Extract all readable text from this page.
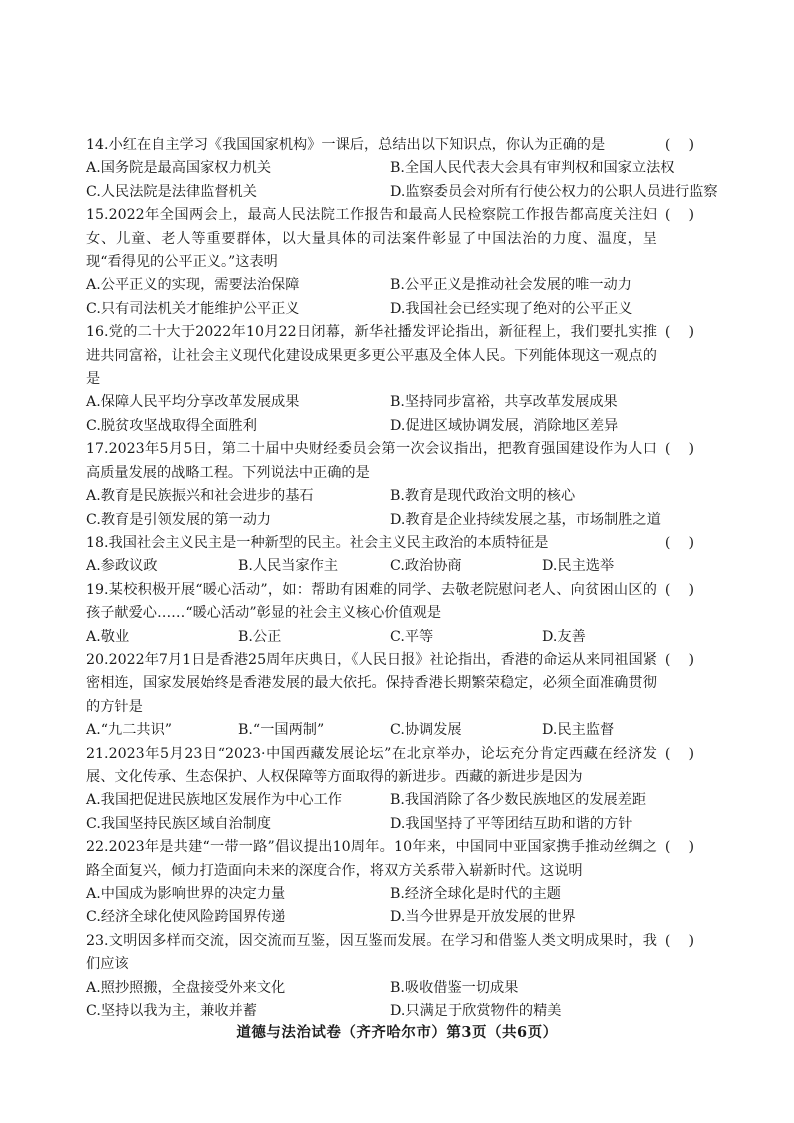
14.小红在自主学习《我国国家机构》一课后，总结出以下知识点，你认为正确的是	(    )
A.国务院是最高国家权力机关	B.全国人民代表大会具有审判权和国家立法权
C.人民法院是法律监督机关	D.监察委员会对所有行使公权力的公职人员进行监察
15.2022年全国两会上，最高人民法院工作报告和最高人民检察院工作报告都高度关注妇女、儿童、老人等重要群体，以大量具体的司法案件彰显了中国法治的力度、温度，呈现“看得见的公平正义。”这表明
(    )
A.公平正义的实现，需要法治保障	B.公平正义是推动社会发展的唯一动力
C.只有司法机关才能维护公平正义	D.我国社会已经实现了绝对的公平正义
16.党的二十大于2022年10月22日闭幕，新华社播发评论指出，新征程上，我们要扎实推进共同富裕，让社会主义现代化建设成果更多更公平惠及全体人民。下列能体现这一观点的是
(    )
A.保障人民平均分享改革发展成果	B.坚持同步富裕，共享改革发展成果
C.脱贫攻坚战取得全面胜利	D.促进区域协调发展，消除地区差异
17.2023年5月5日，第二十届中央财经委员会第一次会议指出，把教育强国建设作为人口高质量发展的战略工程。下列说法中正确的是
(    )
A.教育是民族振兴和社会进步的基石	B.教育是现代政治文明的核心
C.教育是引领发展的第一动力	D.教育是企业持续发展之基，市场制胜之道
18.我国社会主义民主是一种新型的民主。社会主义民主政治的本质特征是	(    )
A.参政议政	B.人民当家作主	C.政治协商	D.民主选举
19.某校积极开展“暖心活动”，如：帮助有困难的同学、去敬老院慰问老人、向贫困山区的孩子献爱心……“暖心活动”彰显的社会主义核心价值观是
(    )
A.敬业	B.公正	C.平等	D.友善
20.2022年7月1日是香港25周年庆典日，《人民日报》社论指出，香港的命运从来同祖国紧密相连，国家发展始终是香港发展的最大依托。保持香港长期繁荣稳定，必须全面准确贯彻的方针是
(    )
A.“九二共识”	B.“一国两制”	C.协调发展	D.民主监督
21.2023年5月23日“2023·中国西藏发展论坛”在北京举办，论坛充分肯定西藏在经济发展、文化传承、生态保护、人权保障等方面取得的新进步。西藏的新进步是因为
(    )
A.我国把促进民族地区发展作为中心工作	B.我国消除了各少数民族地区的发展差距
C.我国坚持民族区域自治制度	D.我国坚持了平等团结互助和谐的方针
22.2023年是共建“一带一路”倡议提出10周年。10年来，中国同中亚国家携手推动丝绸之路全面复兴，倾力打造面向未来的深度合作，将双方关系带入崭新时代。这说明
(    )
A.中国成为影响世界的决定力量	B.经济全球化是时代的主题
C.经济全球化使风险跨国界传递	D.当今世界是开放发展的世界
23.文明因多样而交流，因交流而互鉴，因互鉴而发展。在学习和借鉴人类文明成果时，我们应该
(    )
A.照抄照搬，全盘接受外来文化	B.吸收借鉴一切成果
C.坚持以我为主，兼收并蓄	D.只满足于欣赏物件的精美
道德与法治试卷（齐齐哈尔市）第3页（共6页）
